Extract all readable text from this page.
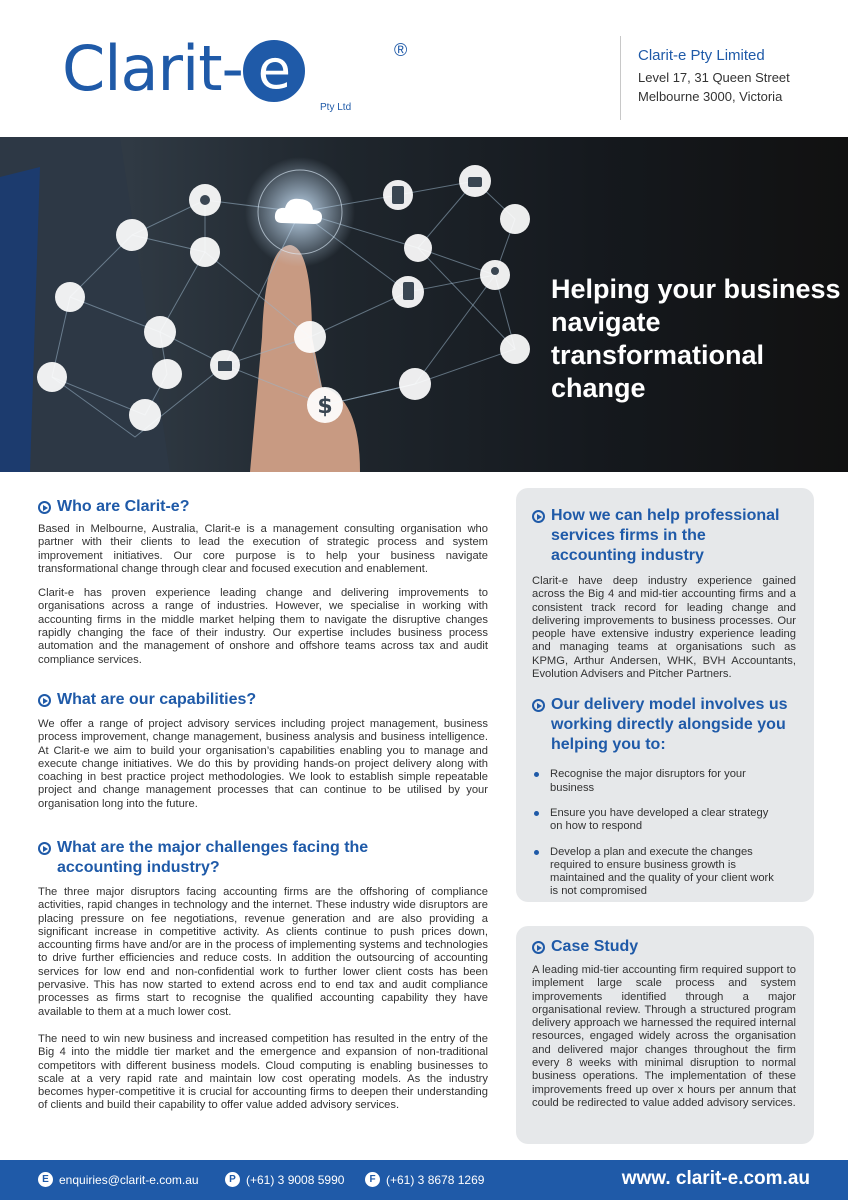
Clarit- e	®
Pty Ltd
Clarit-e Pty Limited
Level 17, 31 Queen Street
Melbourne 3000, Victoria
$
Helping your business navigate transformational change
Who are Clarit-e?
Based in Melbourne, Australia, Clarit-e is a management consulting organisation who partner with their clients to lead the execution of strategic process and system improvement initiatives. Our core purpose is to help your business navigate transformational change through clear and focused execution and enablement.
Clarit-e has proven experience leading change and delivering improvements to organisations across a range of industries. However, we specialise in working with accounting firms in the middle market helping them to navigate the disruptive changes rapidly changing the face of their industry. Our expertise includes business process automation and the management of onshore and offshore teams across tax and audit compliance services.
What are our capabilities?
We offer a range of project advisory services including project management, business process improvement, change management, business analysis and business intelligence. At Clarit-e we aim to build your organisation’s capabilities enabling you to manage and execute change initiatives. We do this by providing hands-on project delivery along with coaching in best practice project methodologies. We look to establish simple repeatable project and change management processes that can continue to be utilised by your organisation long into the future.
What are the major challenges facing the accounting industry?
The three major disruptors facing accounting firms are the offshoring of compliance activities, rapid changes in technology and the internet. These industry wide disruptors are placing pressure on fee negotiations, revenue generation and are also providing a significant increase in competitive activity. As clients continue to push prices down, accounting firms have and/or are in the process of implementing systems and technologies to drive further efficiencies and reduce costs. In addition the outsourcing of accounting services for low end and non-confidential work to further lower client costs has been pervasive. This has now started to extend across end to end tax and audit compliance processes as firms start to recognise the qualified accounting capability they have available to them at a much lower cost.
The need to win new business and increased competition has resulted in the entry of the Big 4 into the middle tier market and the emergence and expansion of non-traditional competitors with different business models. Cloud computing is enabling businesses to scale at a very rapid rate and maintain low cost operating models. As the industry becomes hyper-competitive it is crucial for accounting firms to deepen their understanding of clients and build their capability to offer value added advisory services.
How we can help professional services firms in the accounting industry
Clarit-e have deep industry experience gained across the Big 4 and mid-tier accounting firms and a consistent track record for leading change and delivering improvements to business processes. Our people have extensive industry experience leading and managing teams at organisations such as KPMG, Arthur Andersen, WHK, BVH Accountants, Evolution Advisers and Pitcher Partners.
Our delivery model involves us working directly alongside you helping you to:
Recognise the major disruptors for your business
Ensure you have developed a clear strategy on how to respond
Develop a plan and execute the changes required to ensure business growth is maintained and the quality of your client work is not compromised
Case Study
A leading mid-tier accounting firm required support to implement large scale process and system improvements identified through a major organisational review. Through a structured program delivery approach we harnessed the required internal resources, engaged widely across the organisation and delivered major changes throughout the firm every 8 weeks with minimal disruption to normal business operations. The implementation of these improvements freed up over x hours per annum that could be redirected to value added advisory services.
E enquiries@clarit-e.com.au	P (+61) 3 9008 5990	F (+61) 3 8678 1269	www. clarit-e.com.au
